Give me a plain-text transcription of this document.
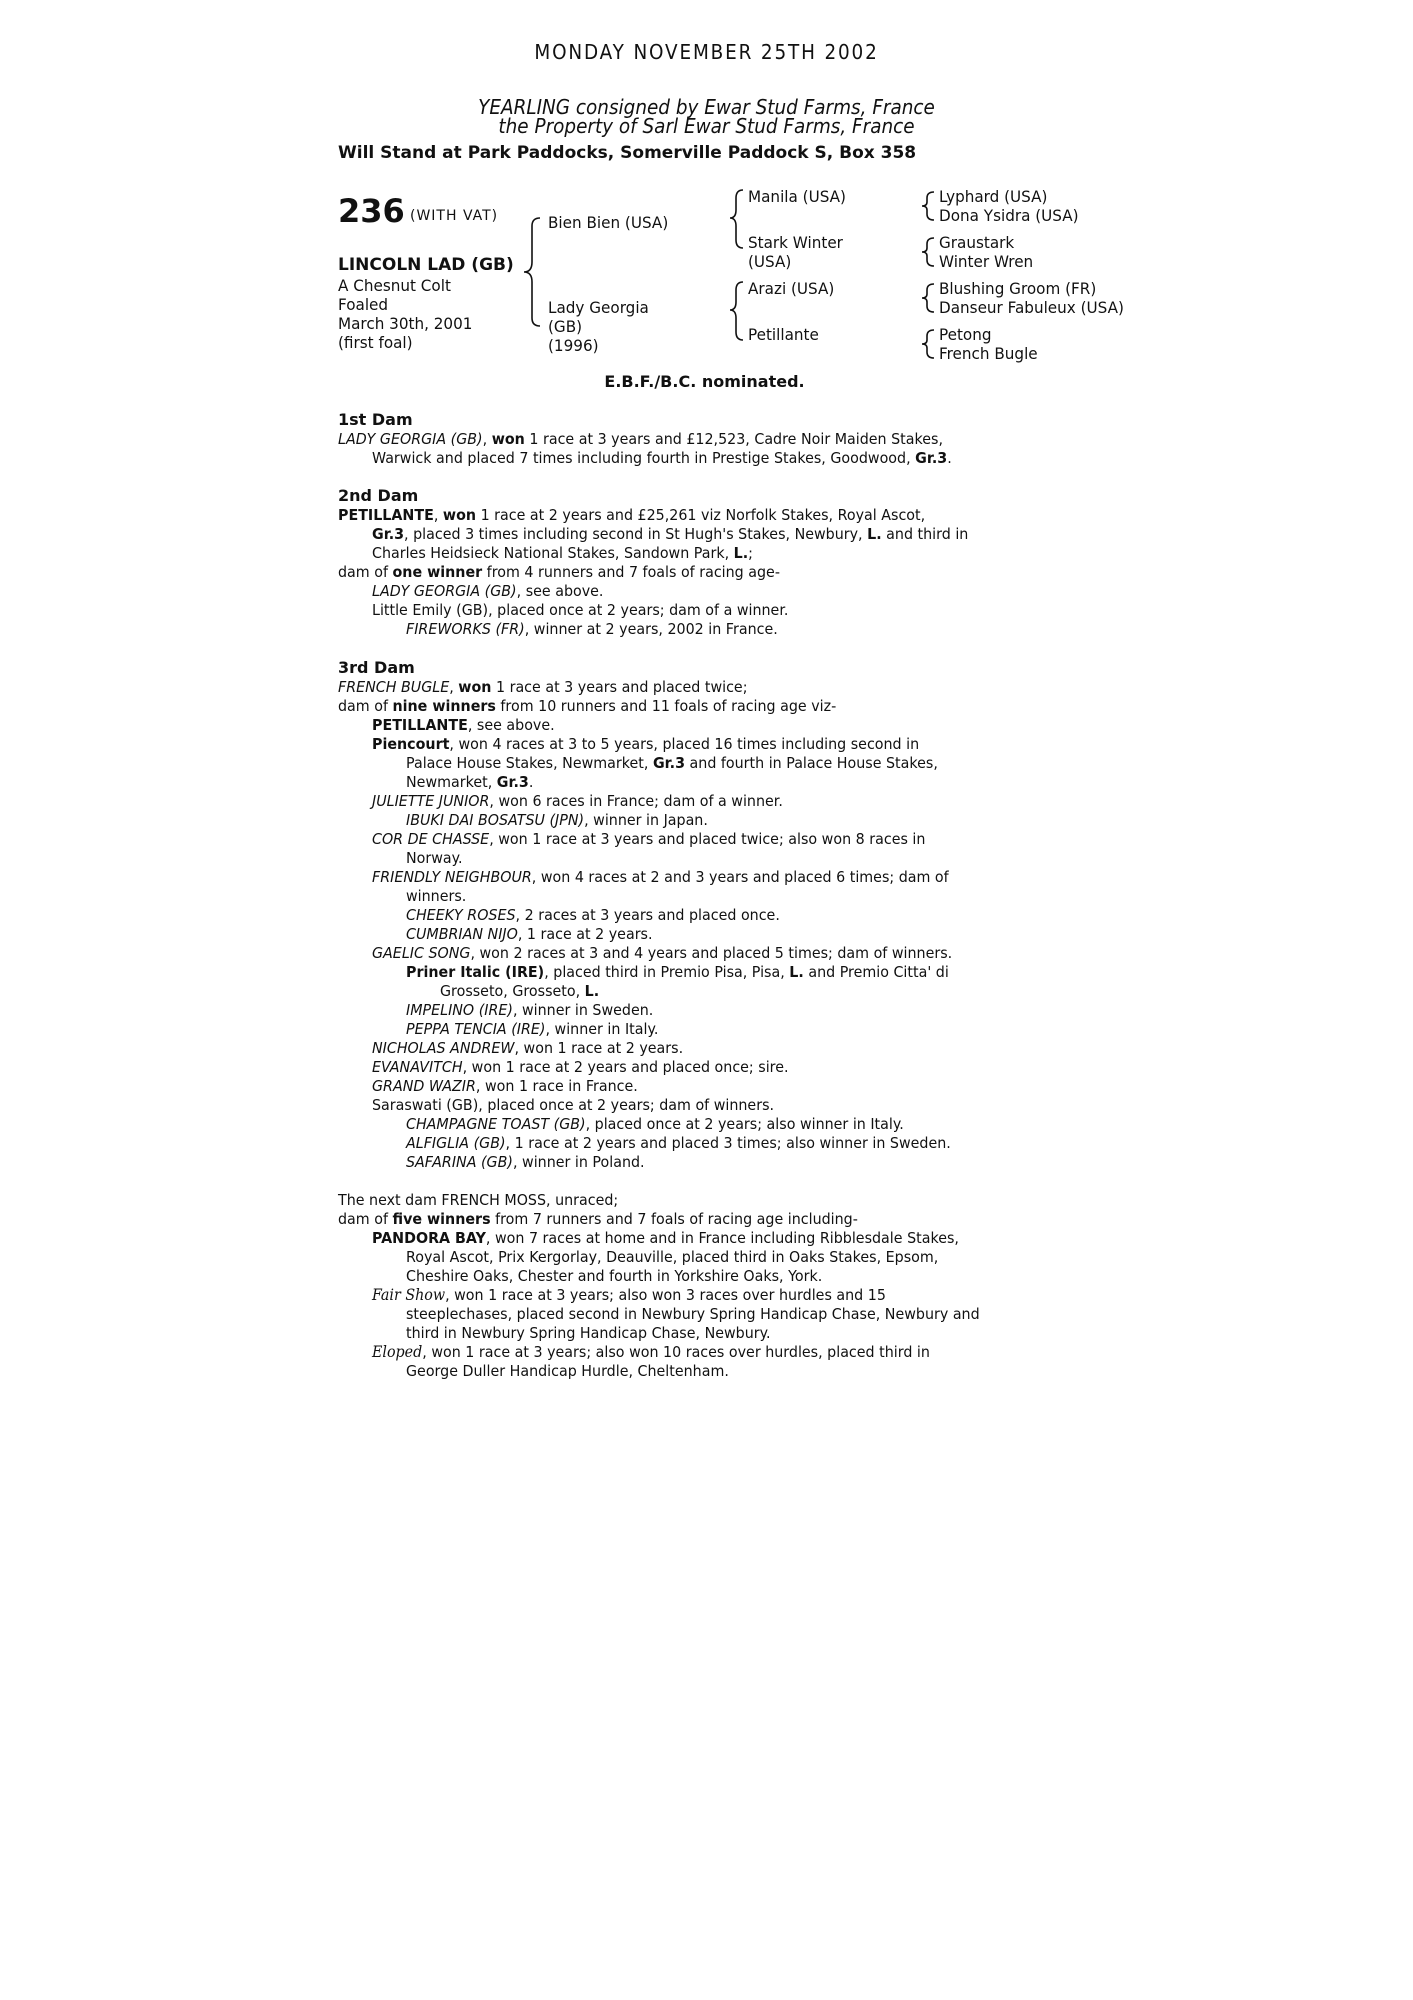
MONDAY NOVEMBER 25TH 2002
YEARLING consigned by Ewar Stud Farms, France
the Property of Sarl Ewar Stud Farms, France
Will Stand at Park Paddocks, Somerville Paddock S, Box 358
236 (WITH VAT)
LINCOLN LAD (GB)
A Chesnut Colt
Foaled
March 30th, 2001
(first foal)
Bien Bien (USA)
Lady Georgia
(GB)
(1996)
Manila (USA)
Stark Winter
(USA)
Arazi (USA)
Petillante
Lyphard (USA)
Dona Ysidra (USA)
Graustark
Winter Wren
Blushing Groom (FR)
Danseur Fabuleux (USA)
Petong
French Bugle
E.B.F./B.C. nominated.
1st Dam
LADY GEORGIA (GB), won 1 race at 3 years and £12,523, Cadre Noir Maiden Stakes,
Warwick and placed 7 times including fourth in Prestige Stakes, Goodwood, Gr.3.
2nd Dam
PETILLANTE, won 1 race at 2 years and £25,261 viz Norfolk Stakes, Royal Ascot,
Gr.3, placed 3 times including second in St Hugh's Stakes, Newbury, L. and third in
Charles Heidsieck National Stakes, Sandown Park, L.;
dam of one winner from 4 runners and 7 foals of racing age-
LADY GEORGIA (GB), see above.
Little Emily (GB), placed once at 2 years; dam of a winner.
FIREWORKS (FR), winner at 2 years, 2002 in France.
3rd Dam
FRENCH BUGLE, won 1 race at 3 years and placed twice;
dam of nine winners from 10 runners and 11 foals of racing age viz-
PETILLANTE, see above.
Piencourt, won 4 races at 3 to 5 years, placed 16 times including second in
Palace House Stakes, Newmarket, Gr.3 and fourth in Palace House Stakes,
Newmarket, Gr.3.
JULIETTE JUNIOR, won 6 races in France; dam of a winner.
IBUKI DAI BOSATSU (JPN), winner in Japan.
COR DE CHASSE, won 1 race at 3 years and placed twice; also won 8 races in
Norway.
FRIENDLY NEIGHBOUR, won 4 races at 2 and 3 years and placed 6 times; dam of
winners.
CHEEKY ROSES, 2 races at 3 years and placed once.
CUMBRIAN NIJO, 1 race at 2 years.
GAELIC SONG, won 2 races at 3 and 4 years and placed 5 times; dam of winners.
Priner Italic (IRE), placed third in Premio Pisa, Pisa, L. and Premio Citta' di
Grosseto, Grosseto, L.
IMPELINO (IRE), winner in Sweden.
PEPPA TENCIA (IRE), winner in Italy.
NICHOLAS ANDREW, won 1 race at 2 years.
EVANAVITCH, won 1 race at 2 years and placed once; sire.
GRAND WAZIR, won 1 race in France.
Saraswati (GB), placed once at 2 years; dam of winners.
CHAMPAGNE TOAST (GB), placed once at 2 years; also winner in Italy.
ALFIGLIA (GB), 1 race at 2 years and placed 3 times; also winner in Sweden.
SAFARINA (GB), winner in Poland.
The next dam FRENCH MOSS, unraced;
dam of five winners from 7 runners and 7 foals of racing age including-
PANDORA BAY, won 7 races at home and in France including Ribblesdale Stakes,
Royal Ascot, Prix Kergorlay, Deauville, placed third in Oaks Stakes, Epsom,
Cheshire Oaks, Chester and fourth in Yorkshire Oaks, York.
Fair Show, won 1 race at 3 years; also won 3 races over hurdles and 15
steeplechases, placed second in Newbury Spring Handicap Chase, Newbury and
third in Newbury Spring Handicap Chase, Newbury.
Eloped, won 1 race at 3 years; also won 10 races over hurdles, placed third in
George Duller Handicap Hurdle, Cheltenham.
